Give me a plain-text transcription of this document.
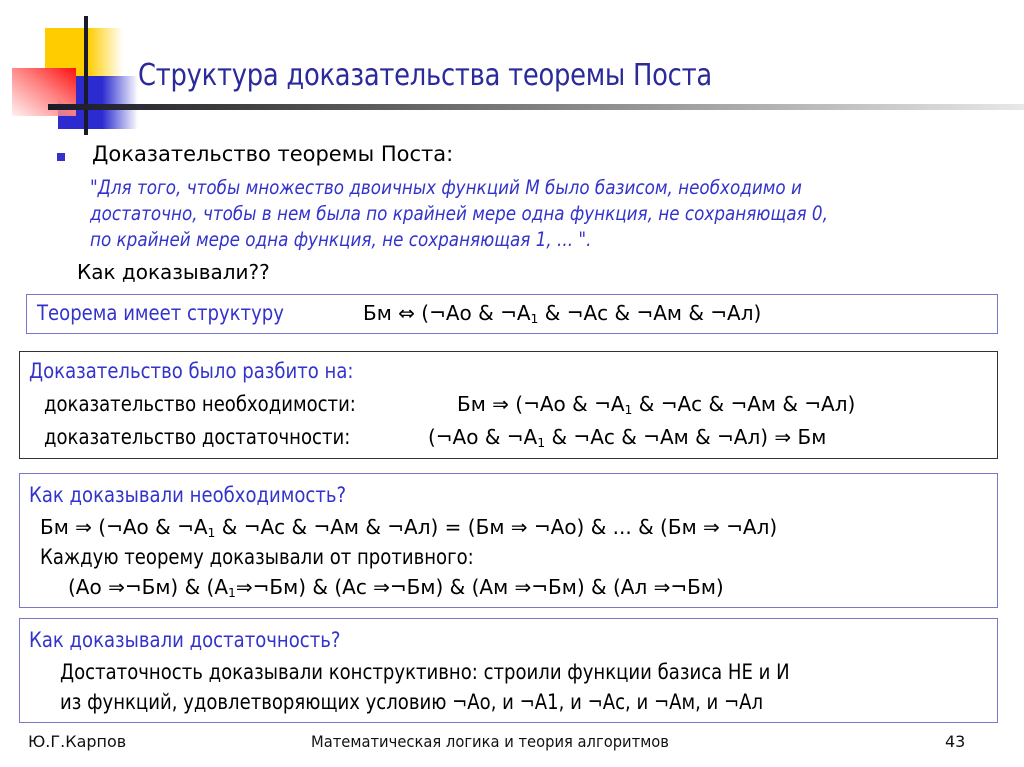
Структура доказательства теоремы Поста
Доказательство теоремы Поста:
"Для того, чтобы множество двоичных функций М было базисом, необходимо и
достаточно, чтобы в нем была по крайней мере одна функция, не сохраняющая 0,
по крайней мере одна функция, не сохраняющая 1, ... ".
Как доказывали??
Теорема имеет структуру	Бм ⇔ (¬Ао & $\neg А_1$ & ¬Ас & ¬Ам & ¬Ал)
Доказательство было разбито на:
доказательство необходимости:	Бм ⇒ (¬Ао & $\neg А_1$ & ¬Ас & ¬Ам & ¬Ал)
доказательство достаточности:	(¬Ао & $\neg А_1$ & ¬Ас & ¬Ам & ¬Ал) ⇒ Бм
Как доказывали необходимость?
Бм ⇒ (¬Ао & $\neg А_1$ & ¬Ас & ¬Ам & ¬Ал) = (Бм ⇒ ¬Ао) & ... & (Бм ⇒ ¬Ал)
Каждую теорему доказывали от противного:
(Ао ⇒¬Бм) & $(А_1\Rightarrow\neg Бм)$ & (Ас ⇒¬Бм) & (Ам ⇒¬Бм) & (Ал ⇒¬Бм)
Как доказывали достаточность?
Достаточность доказывали конструктивно: строили функции базиса НЕ и И
из функций, удовлетворяющих условию ¬Ао, и ¬А1, и ¬Ас, и ¬Ам, и ¬Ал
Ю.Г.Карпов	Математическая логика и теория алгоритмов	43
